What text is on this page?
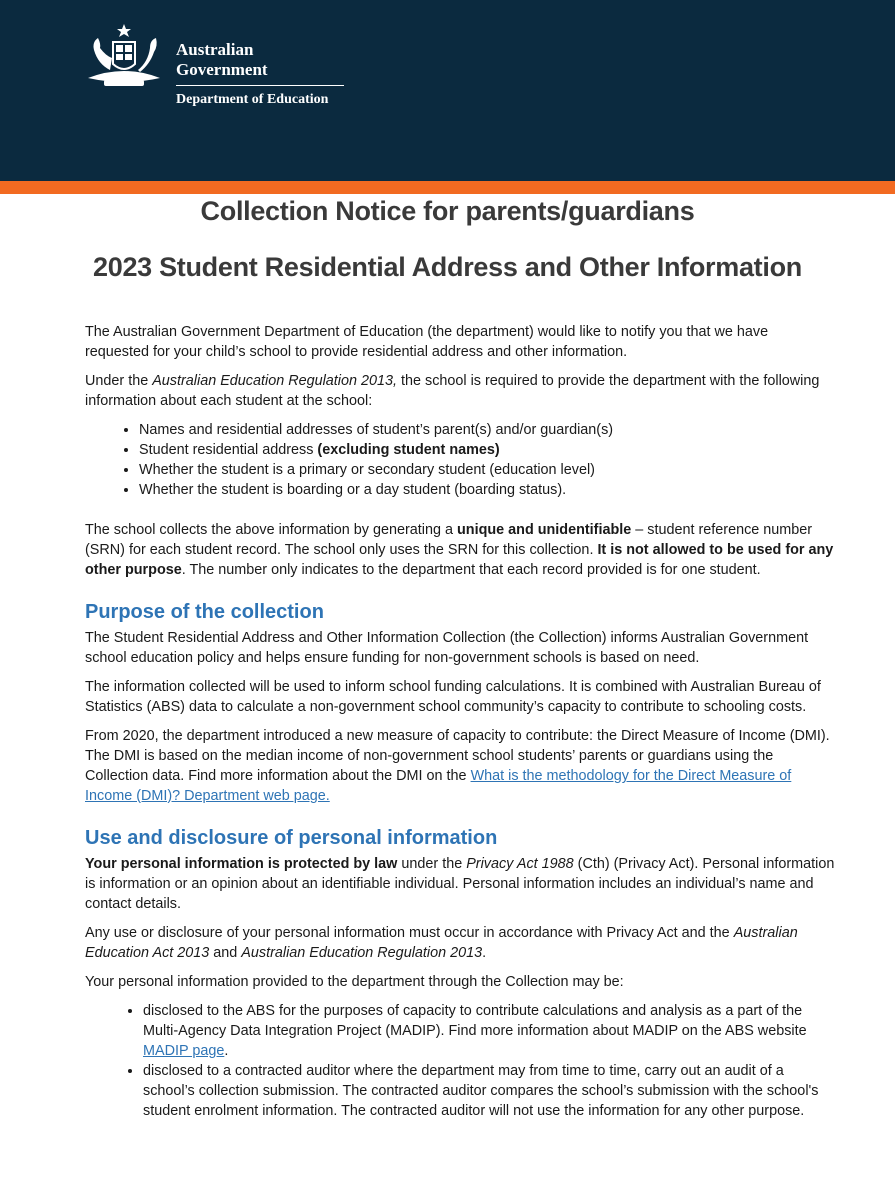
Australian Government
Department of Education
Collection Notice for parents/guardians
2023 Student Residential Address and Other Information

The Australian Government Department of Education (the department) would like to notify you that we have requested for your child’s school to provide residential address and other information.

Under the Australian Education Regulation 2013, the school is required to provide the department with the following information about each student at the school:

• Names and residential addresses of student’s parent(s) and/or guardian(s)
• Student residential address (excluding student names)
• Whether the student is a primary or secondary student (education level)
• Whether the student is boarding or a day student (boarding status).

The school collects the above information by generating a unique and unidentifiable – student reference number (SRN) for each student record. The school only uses the SRN for this collection. It is not allowed to be used for any other purpose. The number only indicates to the department that each record provided is for one student.

Purpose of the collection

The Student Residential Address and Other Information Collection (the Collection) informs Australian Government school education policy and helps ensure funding for non-government schools is based on need.

The information collected will be used to inform school funding calculations. It is combined with Australian Bureau of Statistics (ABS) data to calculate a non-government school community’s capacity to contribute to schooling costs.

From 2020, the department introduced a new measure of capacity to contribute: the Direct Measure of Income (DMI). The DMI is based on the median income of non-government school students’ parents or guardians using the Collection data. Find more information about the DMI on the What is the methodology for the Direct Measure of Income (DMI)? Department web page.

Use and disclosure of personal information

Your personal information is protected by law under the Privacy Act 1988 (Cth) (Privacy Act). Personal information is information or an opinion about an identifiable individual. Personal information includes an individual’s name and contact details.

Any use or disclosure of your personal information must occur in accordance with Privacy Act and the Australian Education Act 2013 and Australian Education Regulation 2013.

Your personal information provided to the department through the Collection may be:

• disclosed to the ABS for the purposes of capacity to contribute calculations and analysis as a part of the Multi-Agency Data Integration Project (MADIP). Find more information about MADIP on the ABS website MADIP page.
• disclosed to a contracted auditor where the department may from time to time, carry out an audit of a school’s collection submission. The contracted auditor compares the school’s submission with the school's student enrolment information. The contracted auditor will not use the information for any other purpose.
